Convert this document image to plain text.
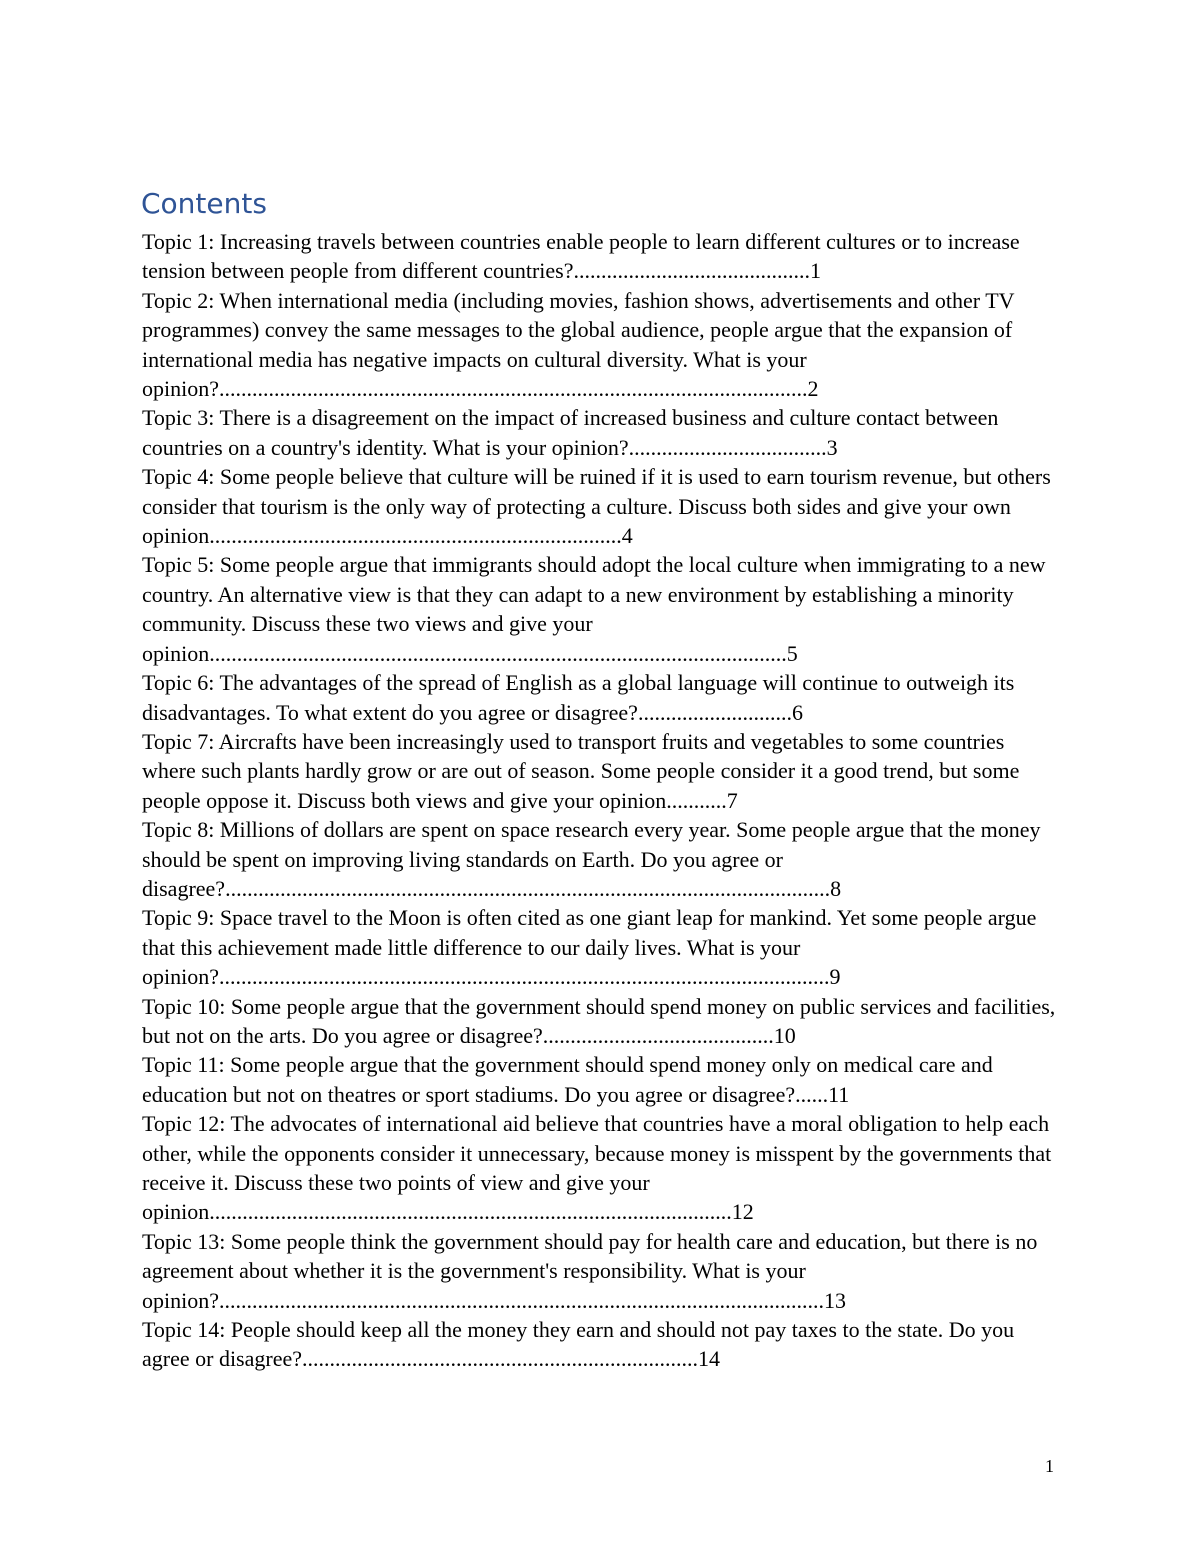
Contents
Topic 1: Increasing travels between countries enable people to learn different cultures or to increase tension between people from different countries?...........................................1
Topic 2: When international media (including movies, fashion shows, advertisements and other TV programmes) convey the same messages to the global audience, people argue that the expansion of international media has negative impacts on cultural diversity. What is your opinion?...........................................................................................................2
Topic 3: There is a disagreement on the impact of increased business and culture contact between countries on a country's identity. What is your opinion?....................................3
Topic 4: Some people believe that culture will be ruined if it is used to earn tourism revenue, but others consider that tourism is the only way of protecting a culture. Discuss both sides and give your own opinion...........................................................................4
Topic 5: Some people argue that immigrants should adopt the local culture when immigrating to a new country. An alternative view is that they can adapt to a new environment by establishing a minority community. Discuss these two views and give your opinion.........................................................................................................5
Topic 6: The advantages of the spread of English as a global language will continue to outweigh its disadvantages. To what extent do you agree or disagree?............................6
Topic 7: Aircrafts have been increasingly used to transport fruits and vegetables to some countries where such plants hardly grow or are out of season. Some people consider it a good trend, but some people oppose it. Discuss both views and give your opinion...........7
Topic 8: Millions of dollars are spent on space research every year. Some people argue that the money should be spent on improving living standards on Earth. Do you agree or disagree?..............................................................................................................8
Topic 9: Space travel to the Moon is often cited as one giant leap for mankind. Yet some people argue that this achievement made little difference to our daily lives. What is your opinion?...............................................................................................................9
Topic 10: Some people argue that the government should spend money on public services and facilities, but not on the arts. Do you agree or disagree?..........................................10
Topic 11: Some people argue that the government should spend money only on medical care and education but not on theatres or sport stadiums. Do you agree or disagree?......11
Topic 12: The advocates of international aid believe that countries have a moral obligation to help each other, while the opponents consider it unnecessary, because money is misspent by the governments that receive it. Discuss these two points of view and give your opinion...............................................................................................12
Topic 13: Some people think the government should pay for health care and education, but there is no agreement about whether it is the government's responsibility. What is your opinion?..............................................................................................................13
Topic 14: People should keep all the money they earn and should not pay taxes to the state. Do you agree or disagree?........................................................................14
1
